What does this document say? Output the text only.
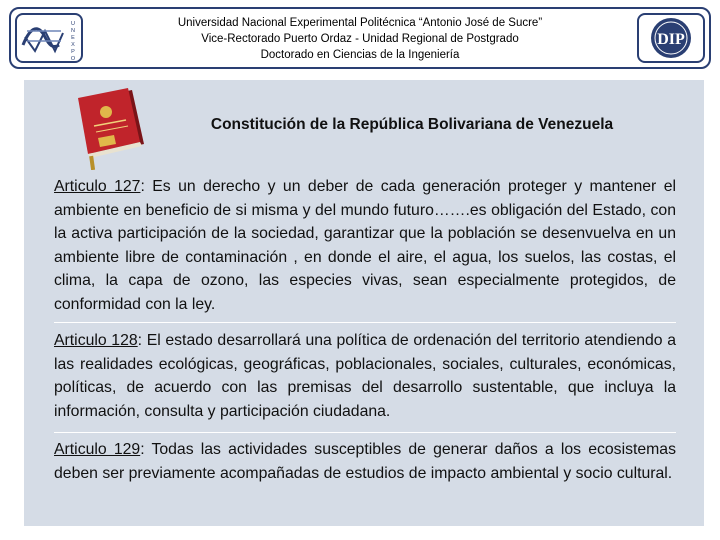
U
N
E
X
P
O
Universidad Nacional Experimental Politécnica “Antonio José de Sucre”
Vice-Rectorado Puerto Ordaz - Unidad Regional de Postgrado
Doctorado en Ciencias de la Ingeniería
DIP
Constitución de la República Bolivariana de Venezuela
Articulo 127: Es un derecho y un deber de cada generación proteger y mantener el ambiente en beneficio de si misma y del mundo futuro…….es obligación del Estado, con la activa participación de la sociedad, garantizar que la población se desenvuelva en un ambiente libre de contaminación , en donde el aire, el agua, los suelos, las costas, el clima, la capa de ozono, las especies vivas, sean especialmente protegidos, de conformidad con la ley.
Articulo 128: El estado desarrollará una política de ordenación del territorio atendiendo a las realidades ecológicas, geográficas, poblacionales, sociales, culturales, económicas, políticas, de acuerdo con las premisas del desarrollo sustentable, que incluya la información, consulta y participación ciudadana.
Articulo 129: Todas las actividades susceptibles de generar daños a los ecosistemas deben ser previamente acompañadas de estudios de impacto ambiental y socio cultural.
